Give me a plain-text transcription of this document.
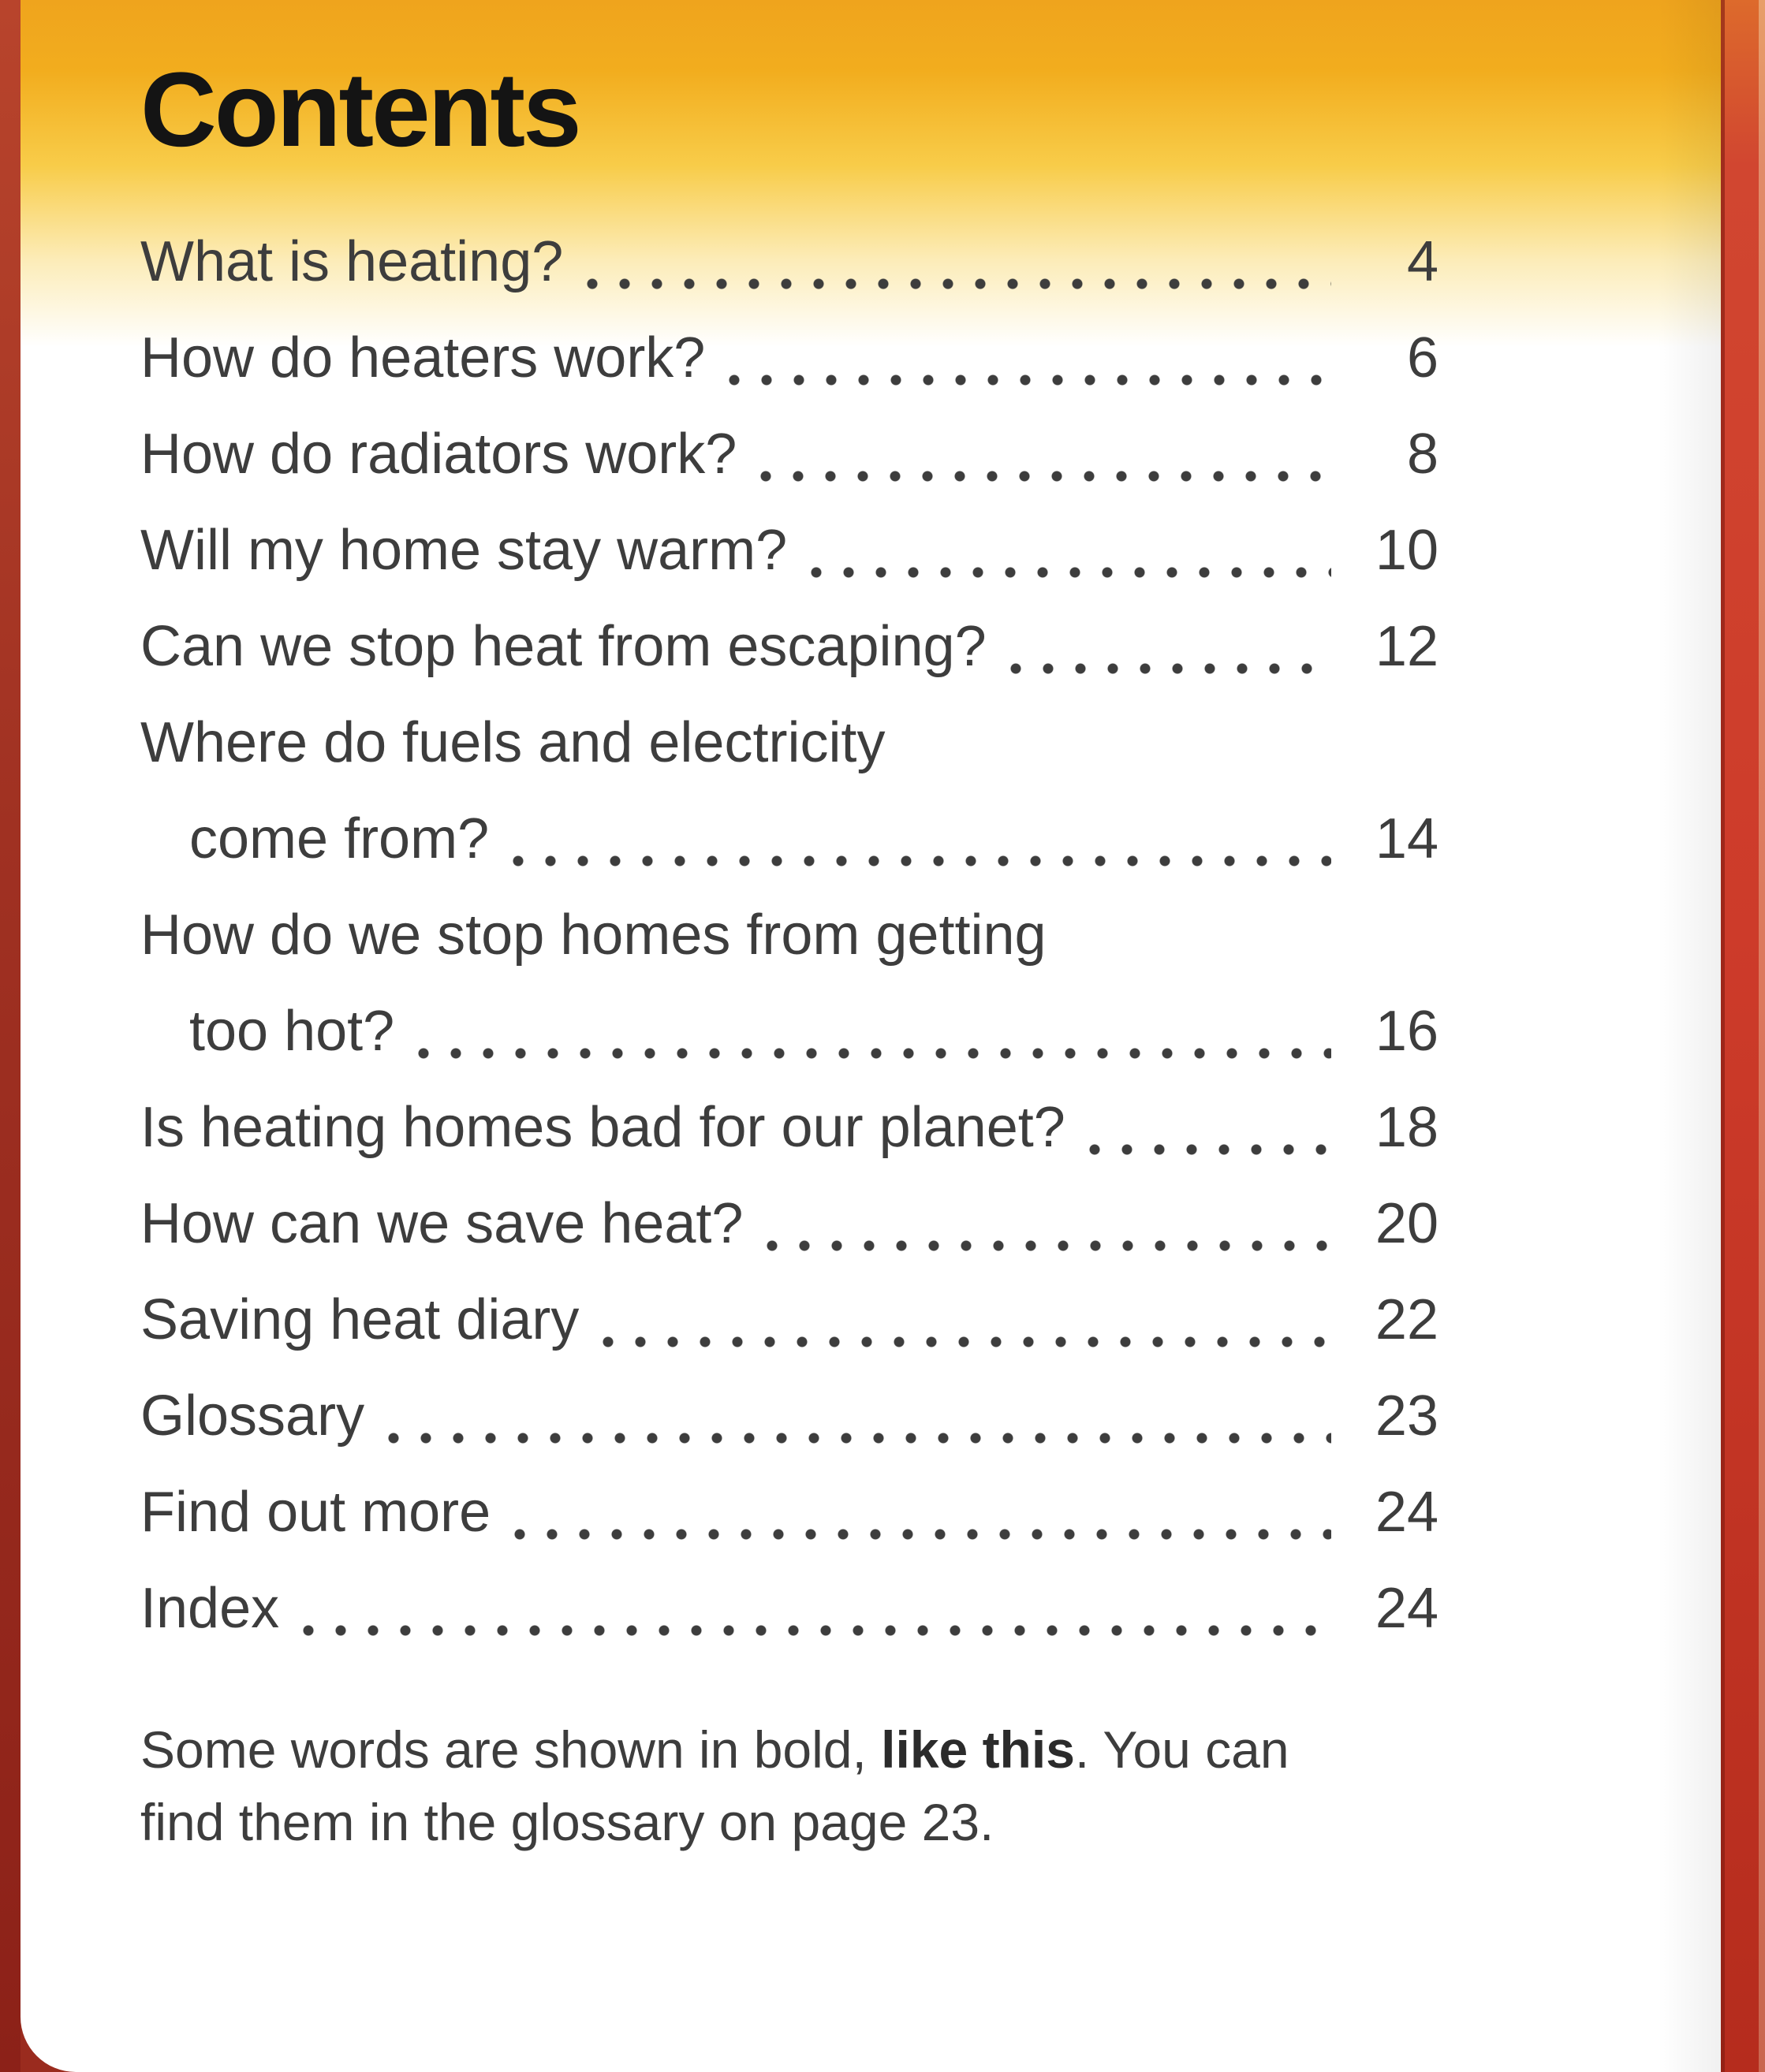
Contents
What is heating?	4
How do heaters work?	6
How do radiators work?	8
Will my home stay warm?	10
Can we stop heat from escaping?	12
Where do fuels and electricity
come from?	14
How do we stop homes from getting
too hot?	16
Is heating homes bad for our planet?	18
How can we save heat?	20
Saving heat diary	22
Glossary	23
Find out more	24
Index	24
Some words are shown in bold, like this. You can
find them in the glossary on page 23.
